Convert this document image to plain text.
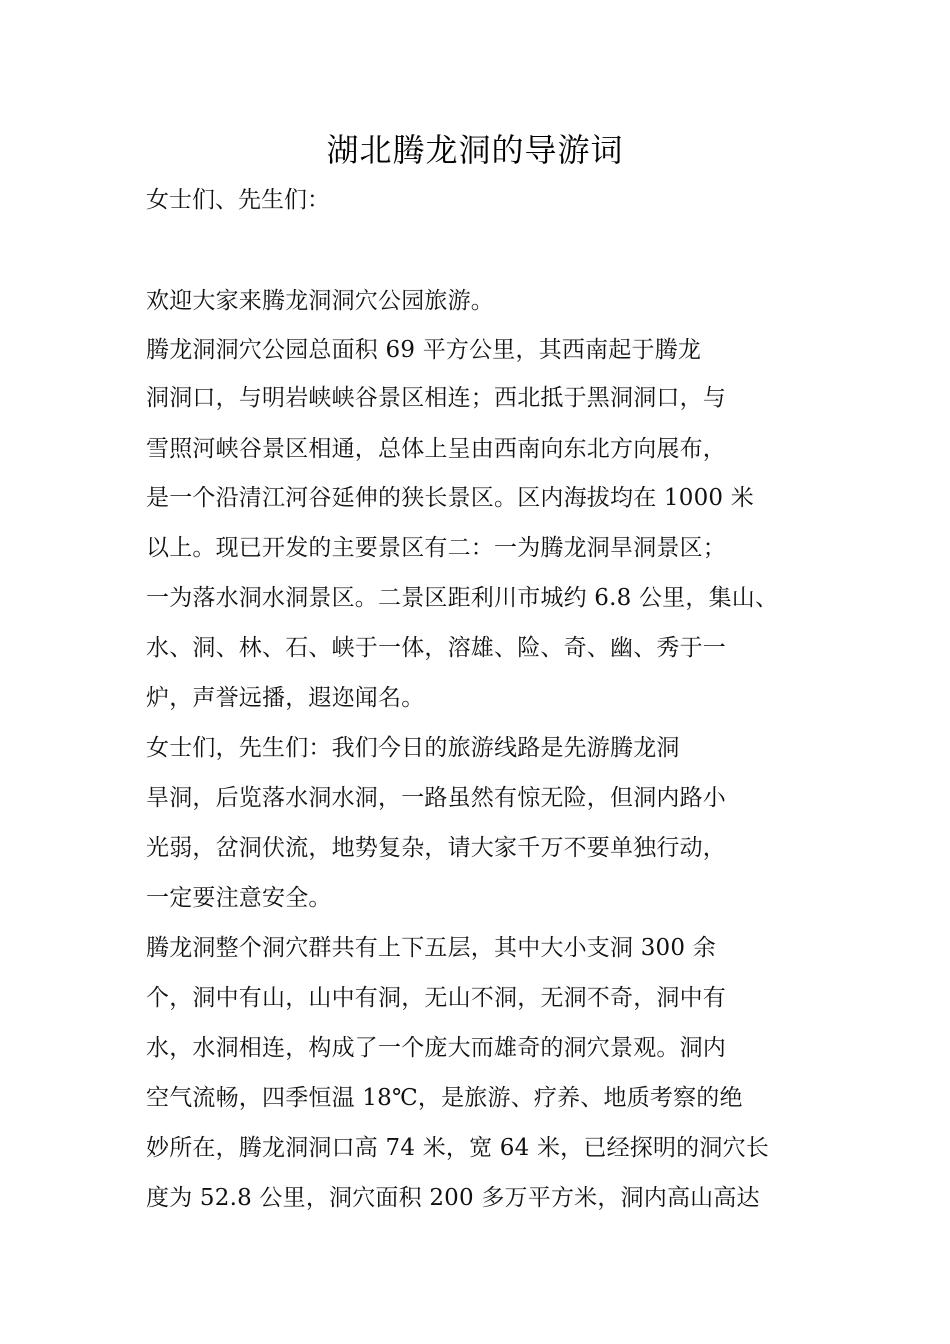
湖北腾龙洞的导游词
女士们、先生们：
欢迎大家来腾龙洞洞穴公园旅游。
腾龙洞洞穴公园总面积 69 平方公里，其西南起于腾龙
洞洞口，与明岩峡峡谷景区相连；西北抵于黑洞洞口，与
雪照河峡谷景区相通，总体上呈由西南向东北方向展布，
是一个沿清江河谷延伸的狭长景区。区内海拔均在 1000 米
以上。现已开发的主要景区有二：一为腾龙洞旱洞景区；
一为落水洞水洞景区。二景区距利川市城约 6.8 公里，集山、
水、洞、林、石、峡于一体，溶雄、险、奇、幽、秀于一
炉，声誉远播，遐迩闻名。
女士们，先生们：我们今日的旅游线路是先游腾龙洞
旱洞，后览落水洞水洞，一路虽然有惊无险，但洞内路小
光弱，岔洞伏流，地势复杂，请大家千万不要单独行动，
一定要注意安全。
腾龙洞整个洞穴群共有上下五层，其中大小支洞 300 余
个，洞中有山，山中有洞，无山不洞，无洞不奇，洞中有
水，水洞相连，构成了一个庞大而雄奇的洞穴景观。洞内
空气流畅，四季恒温 18℃，是旅游、疗养、地质考察的绝
妙所在，腾龙洞洞口高 74 米，宽 64 米，已经探明的洞穴长
度为 52.8 公里，洞穴面积 200 多万平方米，洞内高山高达
